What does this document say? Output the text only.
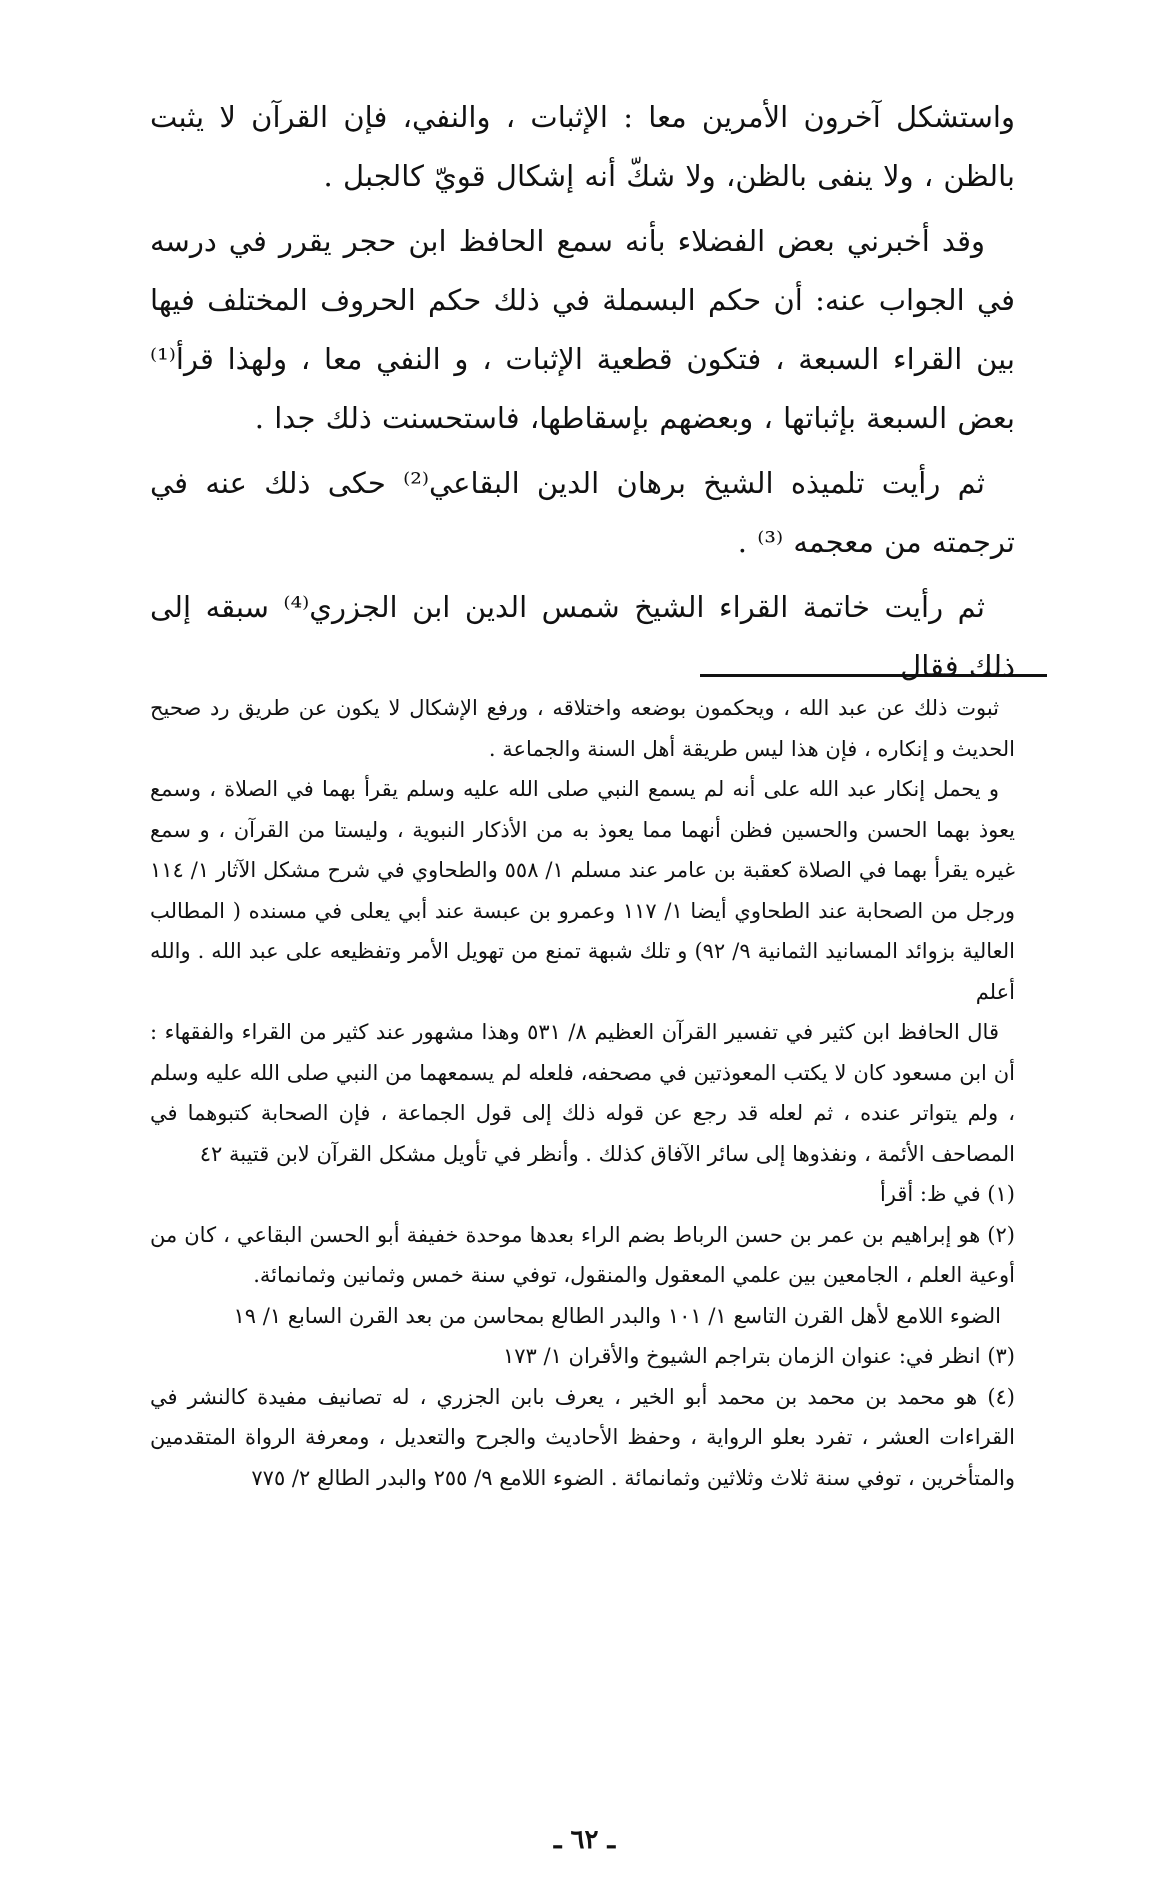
واستشكل آخرون الأمرين معا : الإثبات ، والنفي، فإن القرآن لا يثبت بالظن ، ولا ينفى بالظن، ولا شكّ أنه إشكال قويّ كالجبل .

وقد أخبرني بعض الفضلاء بأنه سمع الحافظ ابن حجر يقرر في درسه في الجواب عنه: أن حكم البسملة في ذلك حكم الحروف المختلف فيها بين القراء السبعة ، فتكون قطعية الإثبات ، و النفي معا ، ولهذا قرأ⁽¹⁾ بعض السبعة بإثباتها ، وبعضهم بإسقاطها، فاستحسنت ذلك جدا .

ثم رأيت تلميذه الشيخ برهان الدين البقاعي⁽²⁾ حكى ذلك عنه في ترجمته من معجمه ⁽³⁾ .

ثم رأيت خاتمة القراء الشيخ شمس الدين ابن الجزري⁽⁴⁾ سبقه إلى ذلك فقال

ثبوت ذلك عن عبد الله ، ويحكمون بوضعه واختلاقه ، ورفع الإشكال لا يكون عن طريق رد صحيح الحديث و إنكاره ، فإن هذا ليس طريقة أهل السنة والجماعة .

و يحمل إنكار عبد الله على أنه لم يسمع النبي صلى الله عليه وسلم يقرأ بهما في الصلاة ، وسمع يعوذ بهما الحسن والحسين فظن أنهما مما يعوذ به من الأذكار النبوية ، وليستا من القرآن ، و سمع غيره يقرأ بهما في الصلاة كعقبة بن عامر عند مسلم ١/ ٥٥٨ والطحاوي في شرح مشكل الآثار ١/ ١١٤ ورجل من الصحابة عند الطحاوي أيضا ١/ ١١٧ وعمرو بن عبسة عند أبي يعلى في مسنده ( المطالب العالية بزوائد المسانيد الثمانية ٩/ ٩٢) و تلك شبهة تمنع من تهويل الأمر وتفظيعه على عبد الله . والله أعلم

قال الحافظ ابن كثير في تفسير القرآن العظيم ٨/ ٥٣١ وهذا مشهور عند كثير من القراء والفقهاء : أن ابن مسعود كان لا يكتب المعوذتين في مصحفه، فلعله لم يسمعهما من النبي صلى الله عليه وسلم ، ولم يتواتر عنده ، ثم لعله قد رجع عن قوله ذلك إلى قول الجماعة ، فإن الصحابة كتبوهما في المصاحف الأئمة ، ونفذوها إلى سائر الآفاق كذلك . وأنظر في تأويل مشكل القرآن لابن قتيبة ٤٢

(١) في ظ: أقرأ

(٢) هو إبراهيم بن عمر بن حسن الرباط بضم الراء بعدها موحدة خفيفة أبو الحسن البقاعي ، كان من أوعية العلم ، الجامعين بين علمي المعقول والمنقول، توفي سنة خمس وثمانين وثمانمائة.

الضوء اللامع لأهل القرن التاسع ١/ ١٠١ والبدر الطالع بمحاسن من بعد القرن السابع ١/ ١٩

(٣) انظر في: عنوان الزمان بتراجم الشيوخ والأقران ١/ ١٧٣

(٤) هو محمد بن محمد بن محمد أبو الخير ، يعرف بابن الجزري ، له تصانيف مفيدة كالنشر في القراءات العشر ، تفرد بعلو الرواية ، وحفظ الأحاديث والجرح والتعديل ، ومعرفة الرواة المتقدمين والمتأخرين ، توفي سنة ثلاث وثلاثين وثمانمائة . الضوء اللامع ٩/ ٢٥٥ والبدر الطالع ٢/ ٧٧٥

ـ ٦٢ ـ
